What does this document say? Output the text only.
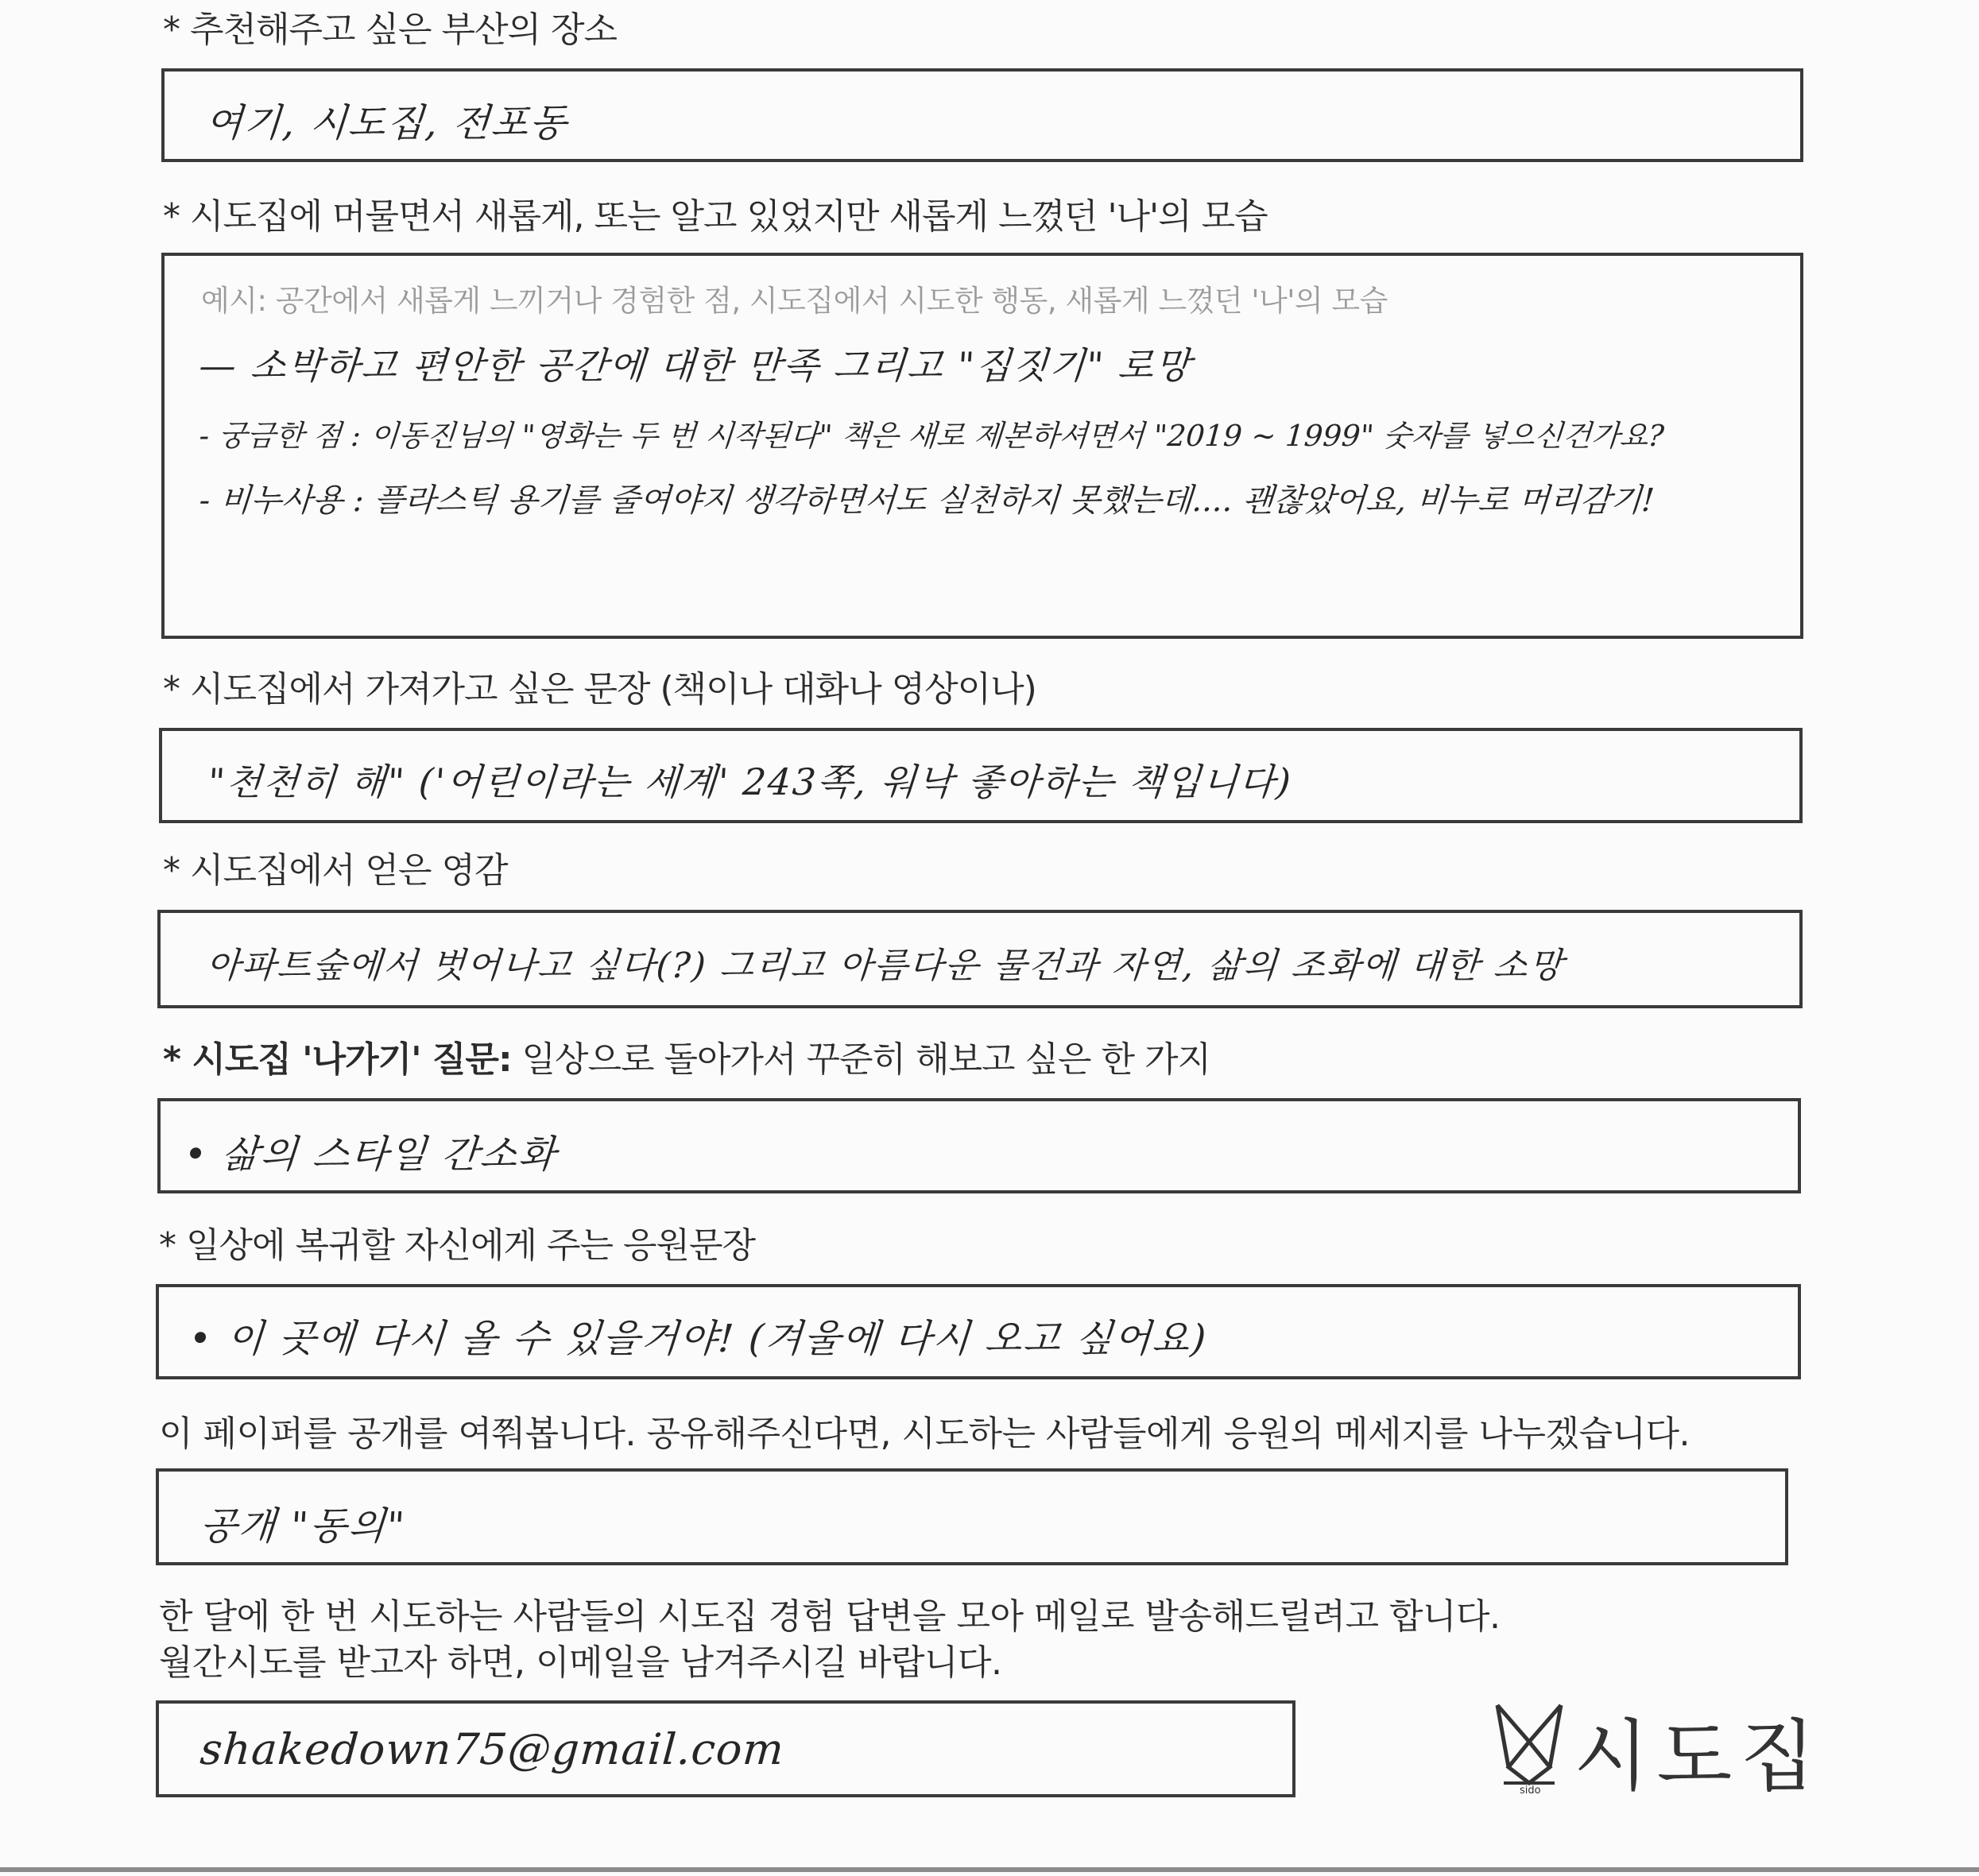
* 추천해주고 싶은 부산의 장소
여기, 시도집, 전포동
* 시도집에 머물면서 새롭게, 또는 알고 있었지만 새롭게 느꼈던 '나'의 모습
예시: 공간에서 새롭게 느끼거나 경험한 점, 시도집에서 시도한 행동, 새롭게 느꼈던 '나'의 모습
— 소박하고 편안한 공간에 대한 만족 그리고 "집짓기" 로망
- 궁금한 점 : 이동진님의 "영화는 두 번 시작된다" 책은 새로 제본하셔면서 "2019 ~ 1999" 숫자를 넣으신건가요?
- 비누사용 : 플라스틱 용기를 줄여야지 생각하면서도 실천하지 못했는데.... 괜찮았어요, 비누로 머리감기!
* 시도집에서 가져가고 싶은 문장 (책이나 대화나 영상이나)
"천천히 해" ('어린이라는 세계' 243쪽, 워낙 좋아하는 책입니다)
* 시도집에서 얻은 영감
아파트숲에서 벗어나고 싶다(?) 그리고 아름다운 물건과 자연, 삶의 조화에 대한 소망
* 시도집 '나가기' 질문: 일상으로 돌아가서 꾸준히 해보고 싶은 한 가지
• 삶의 스타일 간소화
* 일상에 복귀할 자신에게 주는 응원문장
• 이 곳에 다시 올 수 있을거야! (겨울에 다시 오고 싶어요)
이 페이퍼를 공개를 여쭤봅니다. 공유해주신다면, 시도하는 사람들에게 응원의 메세지를 나누겠습니다.
공개 "동의"
한 달에 한 번 시도하는 사람들의 시도집 경험 답변을 모아 메일로 발송해드릴려고 합니다.
월간시도를 받고자 하면, 이메일을 남겨주시길 바랍니다.
shakedown75@gmail.com
sido 시도집
